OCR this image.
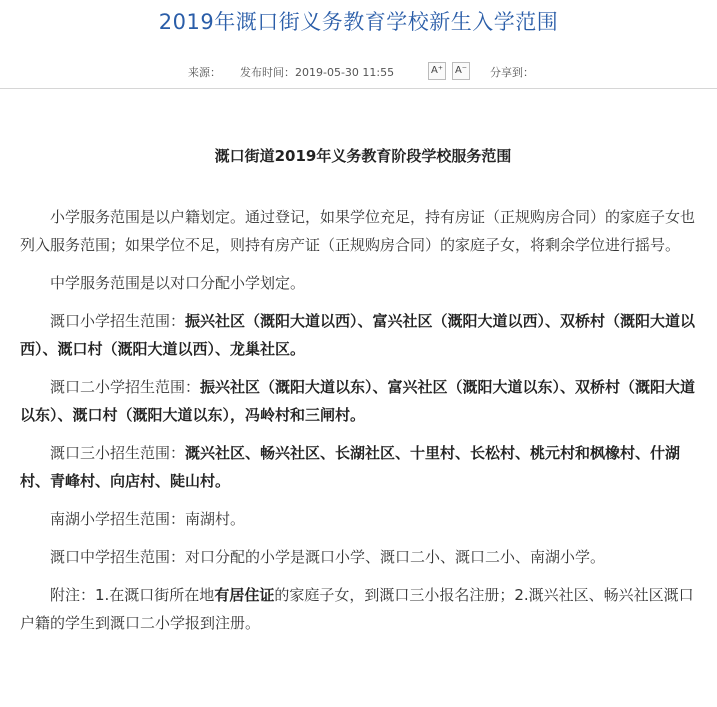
2019年溉口街义务教育学校新生入学范围
来源： 发布时间：2019-05-30 11:55	A⁺ A⁻ 分享到：
溉口街道2019年义务教育阶段学校服务范围

小学服务范围是以户籍划定。通过登记，如果学位充足，持有房证（正规购房合同）的家庭子女也列入服务范围；如果学位不足，则持有房产证（正规购房合同）的家庭子女，将剩余学位进行摇号。

中学服务范围是以对口分配小学划定。

溉口小学招生范围：振兴社区（溉阳大道以西）、富兴社区（溉阳大道以西）、双桥村（溉阳大道以西）、溉口村（溉阳大道以西）、龙巢社区。

溉口二小学招生范围：振兴社区（溉阳大道以东）、富兴社区（溉阳大道以东）、双桥村（溉阳大道以东）、溉口村（溉阳大道以东），冯岭村和三闸村。

溉口三小招生范围：溉兴社区、畅兴社区、长湖社区、十里村、长松村、桃元村和枫橡村、什湖村、青峰村、向店村、陡山村。

南湖小学招生范围：南湖村。

溉口中学招生范围：对口分配的小学是溉口小学、溉口二小、溉口二小、南湖小学。

附注：1.在溉口街所在地有居住证的家庭子女，到溉口三小报名注册；2.溉兴社区、畅兴社区溉口户籍的学生到溉口二小学报到注册。
